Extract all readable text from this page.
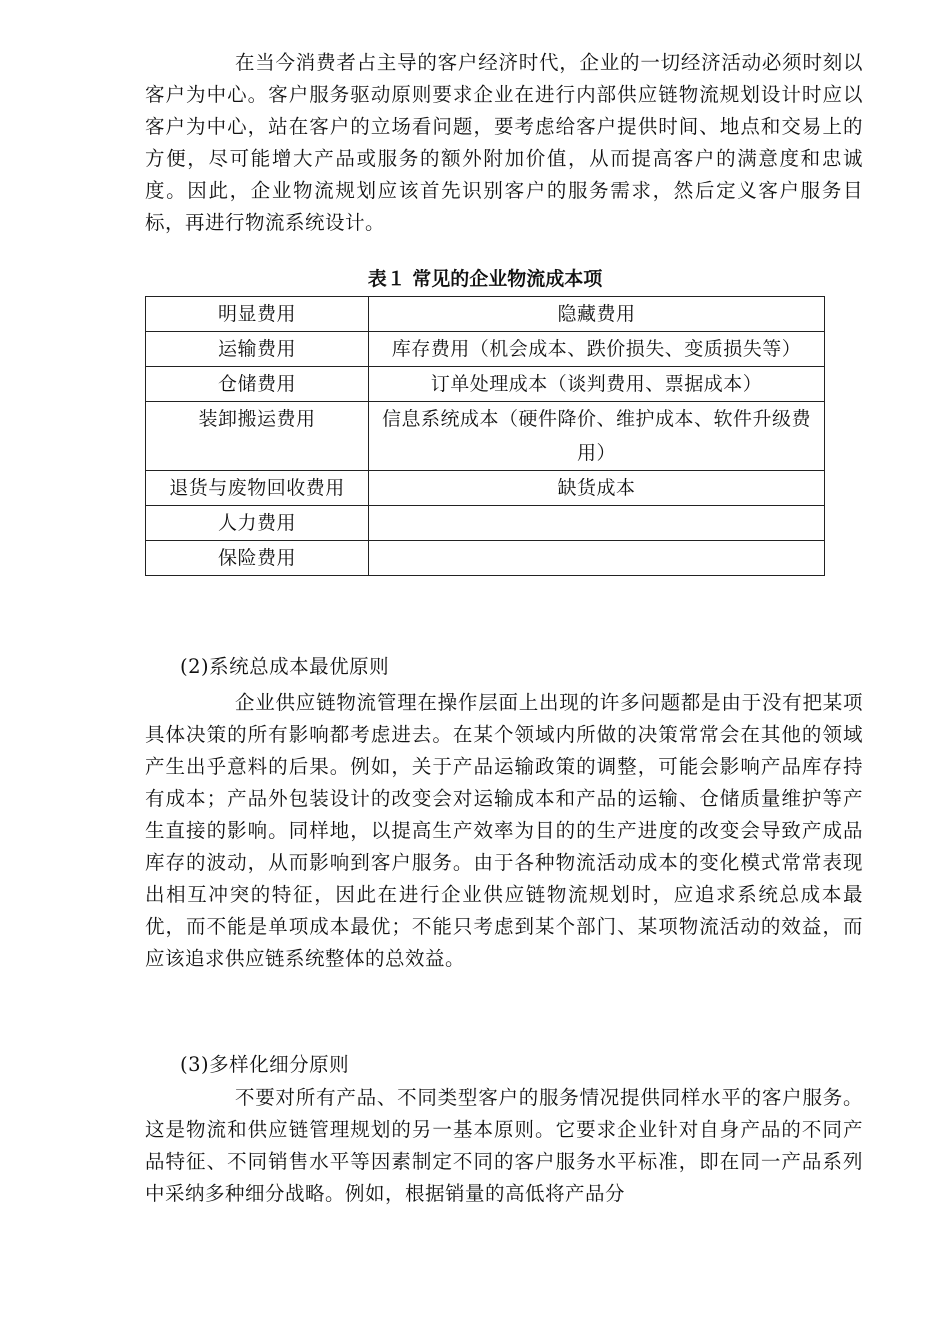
在当今消费者占主导的客户经济时代，企业的一切经济活动必须时刻以客户为中心。客户服务驱动原则要求企业在进行内部供应链物流规划设计时应以客户为中心，站在客户的立场看问题，要考虑给客户提供时间、地点和交易上的方便，尽可能增大产品或服务的额外附加价值，从而提高客户的满意度和忠诚度。因此，企业物流规划应该首先识别客户的服务需求，然后定义客户服务目标，再进行物流系统设计。

表１ 常见的企业物流成本项
明显费用	隐藏费用
运输费用	库存费用（机会成本、跌价损失、变质损失等）
仓储费用	订单处理成本（谈判费用、票据成本）
装卸搬运费用	信息系统成本（硬件降价、维护成本、软件升级费用）
退货与废物回收费用	缺货成本
人力费用	
保险费用	
(2)系统总成本最优原则

企业供应链物流管理在操作层面上出现的许多问题都是由于没有把某项具体决策的所有影响都考虑进去。在某个领域内所做的决策常常会在其他的领域产生出乎意料的后果。例如，关于产品运输政策的调整，可能会影响产品库存持有成本；产品外包装设计的改变会对运输成本和产品的运输、仓储质量维护等产生直接的影响。同样地，以提高生产效率为目的的生产进度的改变会导致产成品库存的波动，从而影响到客户服务。由于各种物流活动成本的变化模式常常表现出相互冲突的特征，因此在进行企业供应链物流规划时，应追求系统总成本最优，而不能是单项成本最优；不能只考虑到某个部门、某项物流活动的效益，而应该追求供应链系统整体的总效益。

(3)多样化细分原则

不要对所有产品、不同类型客户的服务情况提供同样水平的客户服务。这是物流和供应链管理规划的另一基本原则。它要求企业针对自身产品的不同产品特征、不同销售水平等因素制定不同的客户服务水平标准，即在同一产品系列中采纳多种细分战略。例如，根据销量的高低将产品分
